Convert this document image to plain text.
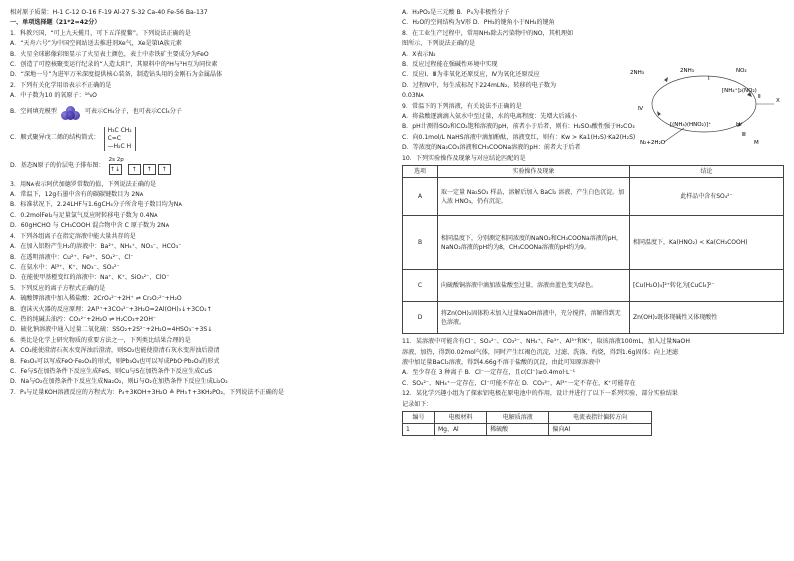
相对原子质量：H-1 C-12 O-16 F-19 Al-27 S-32 Ca-40 Fe-56 Ba-137
一、单项选择题（21*2=42分）
1．科教兴国，“可上九天揽月，可下五洋捉鳖”。下列说法正确的是
A．“天舟六号”为中国空间站送去推进剂Xe气，Xe是第IA族元素
B．火星全球影像彩图显示了火星表土颜色，表土中赤铁矿主要成分为FeO
C．创造了可控核聚变运行纪录的“人造太阳”，其原料中的²H与³H互为同位素
D．“深地一号”为进军万米深度提供核心装备，制造钻头用的金刚石为金属晶体
2．下列有关化学用语表示不正确的是
A．中子数为10 的氧原子：¹⁸₈O
B．空间填充模型	可表示CH₄分子，也可表示CCl₄分子
C．顺式聚异戊二烯的结构简式：
H₃C CH₂
C=C
—H₂C H
D．基态N原子的价层电子排布图：
2s 2p
↑↓	↑	↑	↑
3．用Nᴀ表示阿伏加德罗常数的值，下列说法正确的是
A．常温下，12g石墨中含有的碳碳键数目为 2Nᴀ
B．标准状况下，2.24LHF与1.6gCH₄分子所含电子数目均为Nᴀ
C．0.2molFeI₂与足量氯气反应时转移电子数为 0.4Nᴀ
D．60gHCHO 与 CH₃COOH 混合物中含 C 原子数为 2Nᴀ
4．下列各组离子在指定溶液中能大量共存的是
A．在加入铝粉产生H₂的溶液中：Ba²⁺、NH₄⁺、NO₃⁻、HCO₃⁻
B．在透明溶液中：Cu²⁺、Fe³⁺、SO₄²⁻、Cl⁻
C．在氨水中：Al³⁺、K⁺、NO₃⁻、SO₄²⁻
D．在能使甲基橙变红的溶液中：Na⁺、K⁺、SiO₃²⁻、ClO⁻
5．下列反应的离子方程式正确的是
A．硫酸钾溶液中加入稀盐酸：2CrO₄²⁻+2H⁺ ⇌ Cr₂O₇²⁻+H₂O
B．泡沫灭火器的反应原理：2Al³⁺+3CO₃²⁻+3H₂O=2Al(OH)₃↓+3CO₂↑
C．热的纯碱去油污：CO₃²⁻+2H₂O ⇌ H₂CO₃+2OH⁻
D．硫化钠溶液中通入过量二氧化硫：SSO₂+2S²⁻+2H₂O=4HSO₃⁻+3S↓
6．类比是化学上研究物质的重要方法之一，下列类比结果合理的是
A．CO₂能使澄清石灰水变浑浊后澄清，则SO₂也能使澄清石灰水变浑浊后澄清
B．Fe₃O₄可以写成FeO·Fe₂O₃的形式，则Pb₃O₄也可以写成PbO·Pb₂O₃的形式
C．Fe与S在加热条件下反应生成FeS，则Cu与S在加热条件下反应生成CuS
D．Na与O₂在加热条件下反应生成Na₂O₂，则Li与O₂在加热条件下反应生成Li₂O₂
7．P₄与足量KOH溶液反应的方程式为：P₄+3KOH+3H₂O ≜ PH₃↑+3KH₂PO₂，下列说法不正确的是
A．H₃PO₂是三元酸 B．P₄为非极性分子
C．H₂O的空间结构为V形 D．PH₃的键角小于NH₃的键角
8．在工业生产过程中，常用NH₃除去污染物中的NO，其机理如
图所示，下列说法正确的是
A．X表示N₂
B．反应过程能在强碱性环境中实现
C．反应Ⅰ、Ⅲ为非氧化还原反应，Ⅳ为氧化还原反应
D．过程Ⅳ中，每生成标况下224mLN₂，转移的电子数为
0.03Nᴀ
9．常温下的下列溶液，有关说法不正确的是
A．将盐酸逐滴滴入氨水中至过量，水的电离程度：先增大后减小
B．pH计测得SO₂和CO₂饱和溶液的pH，前者小于后者，则有：H₂SO₃酸性强于H₂CO₃
C．向0.1mol/L NaHS溶液中滴加酚酞，溶液变红，则有：Kw > Ka1(H₂S)·Ka2(H₂S)
D．等浓度的Na₂CO₃溶液和CH₃COONa溶液的pH：前者大于后者
10．下列实验操作及现象与对应结论匹配的是
选项	实验操作及现象	结论
A	取一定量 Na₂SO₃ 样品，溶解后加入 BaCl₂ 溶液，产生白色沉淀。加入浓 HNO₃，仍有沉淀。	此样品中含有SO₄²⁻
B	相同温度下，分别测定相同浓度的NaNO₂和CH₃COONa溶液的pH，NaNO₂溶液的pH约为8，CH₃COONa溶液的pH约为9。	相同温度下，Ka(HNO₂) < Ka(CH₃COOH)
C	向硫酸铜溶液中滴加浓盐酸至过量，溶液由蓝色变为绿色。	[Cu(H₂O)₄]²⁺转化为[CuCl₄]²⁻
D	将Zn(OH)₂固体粉末加入过量NaOH溶液中，充分搅拌，溶解得到无色溶液。	Zn(OH)₂既体现碱性又体现酸性
11．某溶液中可能含有Cl⁻、SO₄²⁻、CO₃²⁻、NH₄⁺、Fe³⁺、Al³⁺和K⁺，取该溶液100mL，加入过量NaOH
溶液，加热，得到0.02mol气体，同时产生红褐色沉淀，过滤、洗涤、灼烧，得到1.6g固体；向上述滤
液中加足量BaCl₂溶液，得到4.66g不溶于盐酸的沉淀，由此可知原溶液中
A．至少存在 3 种离子 B．Cl⁻一定存在，且c(Cl⁻)≥0.4mol·L⁻¹
C．SO₄²⁻、NH₄⁺一定存在，Cl⁻可能不存在 D．CO₃²⁻、Al³⁺一定不存在，K⁺可能存在
12．某化学兴趣小组为了探索铝电极在原电池中的作用，设计并进行了以下一系列实验，部分实验结果
记录如下：
编号	电极材料	电解质溶液	电流表指针偏转方向
1	Mg、Al	稀硫酸	偏向Al
2NH₃	2NH₃	NO₂
Ⅰ
[NH₄⁺]₂(NO₂)
Ⅱ
Ⅲ
Ⅳ
[(NH₄)(HNO₂)]⁺	H⁺
N₂+2H₂O
X
M
